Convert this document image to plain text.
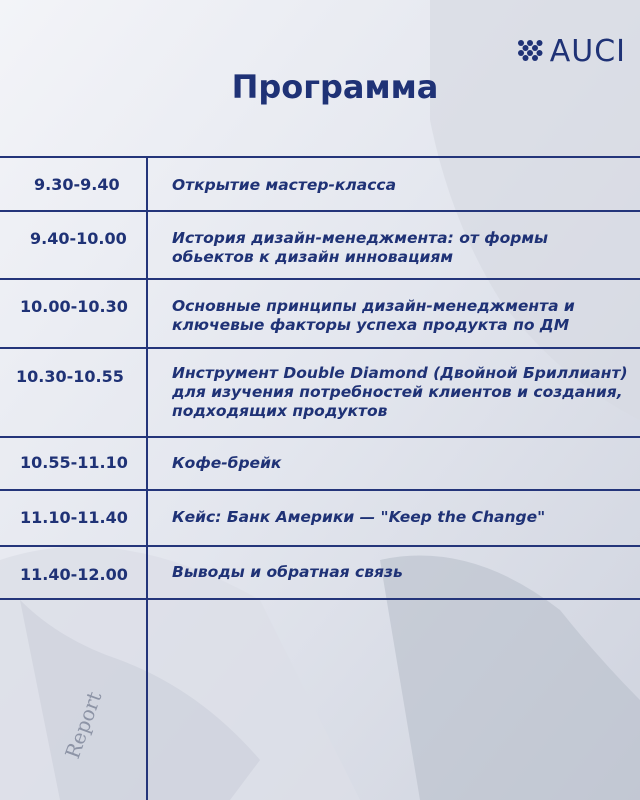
Report
AUCI
Программа
9.30-9.40	Открытие мастер-класса
9.40-10.00	История дизайн-менеджмента: от формы обьектов к дизайн инновациям
10.00-10.30	Основные принципы дизайн-менеджмента и ключевые факторы успеха продукта по ДМ
10.30-10.55	Инструмент Double Diamond (Двойной Бриллиант) для изучения потребностей клиентов и создания, подходящих продуктов
10.55-11.10	Кофе-брейк
11.10-11.40	Кейс: Банк Америки — "Keep the Change"
11.40-12.00	Выводы и обратная связь
